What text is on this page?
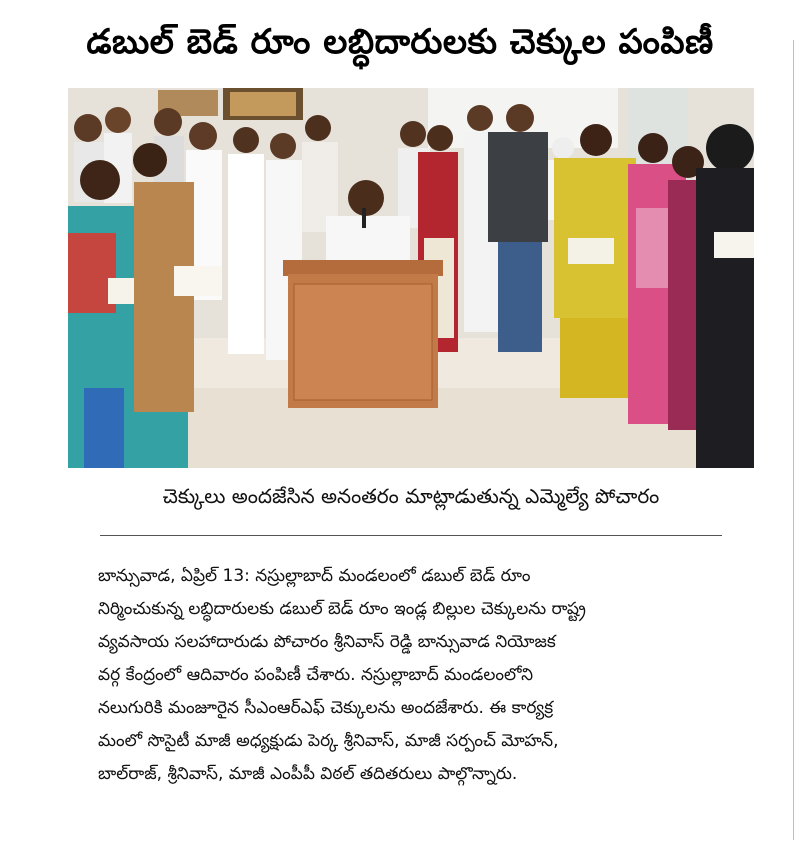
డబుల్ బెడ్ రూం లబ్ధిదారులకు చెక్కుల పంపిణీ
చెక్కులు అందజేసిన అనంతరం మాట్లాడుతున్న ఎమ్మెల్యే పోచారం
బాన్సువాడ, ఏప్రిల్ 13: నస్రుల్లాబాద్ మండలంలో డబుల్ బెడ్ రూం
నిర్మించుకున్న లబ్ధిదారులకు డబుల్ బెడ్ రూం ఇండ్ల బిల్లుల చెక్కులను రాష్ట్ర
వ్యవసాయ సలహాదారుడు పోచారం శ్రీనివాస్ రెడ్డి బాన్సువాడ నియోజక
వర్గ కేంద్రంలో ఆదివారం పంపిణీ చేశారు. నస్రుల్లాబాద్ మండలంలోని
నలుగురికి మంజూరైన సీఎంఆర్ఎఫ్ చెక్కులను అందజేశారు. ఈ కార్యక్ర
మంలో సొసైటీ మాజీ అధ్యక్షుడు పెర్క శ్రీనివాస్, మాజీ సర్పంచ్ మోహన్,
బాల్‌రాజ్, శ్రీనివాస్, మాజీ ఎంపీపీ విఠల్ తదితరులు పాల్గొన్నారు.
